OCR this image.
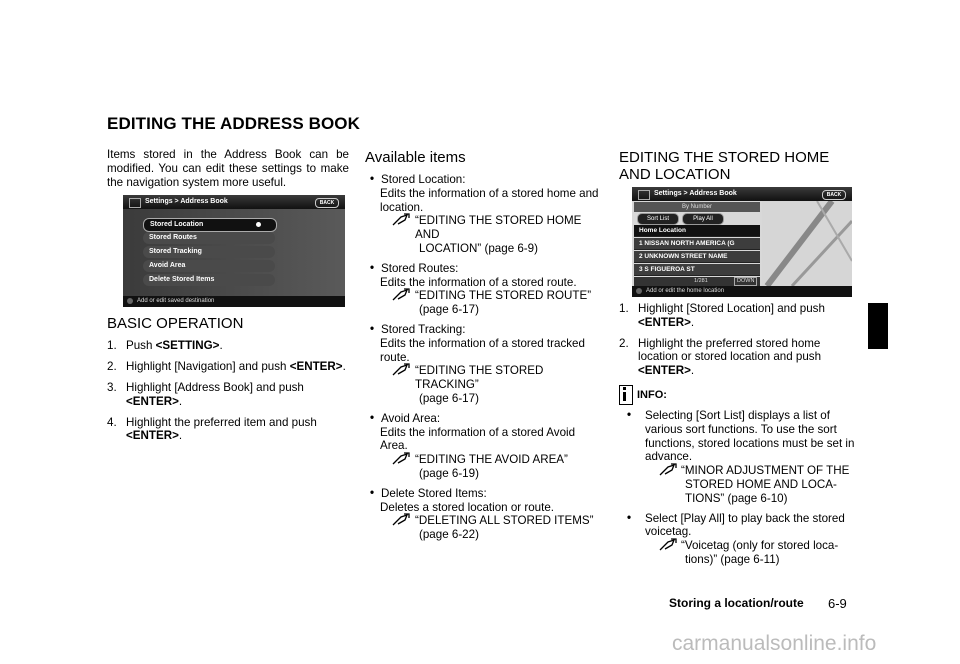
EDITING THE ADDRESS BOOK

Items stored in the Address Book can be modified. You can edit these settings to make the navigation system more useful.

Settings > Address Book	BACK
Stored Location
Stored Routes
Stored Tracking
Avoid Area
Delete Stored Items
Add or edit saved destination
BASIC OPERATION
1. Push <SETTING>.
2. Highlight [Navigation] and push <ENTER>.
3. Highlight [Address Book] and push <ENTER>.
4. Highlight the preferred item and push <ENTER>.
Available items
• Stored Location:
Edits the information of a stored home and location.
“EDITING THE STORED HOME AND
LOCATION” (page 6-9)
• Stored Routes:
Edits the information of a stored route.
“EDITING THE STORED ROUTE”
(page 6-17)
• Stored Tracking:
Edits the information of a stored tracked route.
“EDITING THE STORED TRACKING”
(page 6-17)
• Avoid Area:
Edits the information of a stored Avoid Area.
“EDITING THE AVOID AREA”
(page 6-19)
• Delete Stored Items:
Deletes a stored location or route.
“DELETING ALL STORED ITEMS”
(page 6-22)
EDITING THE STORED HOME AND LOCATION
Settings > Address Book	BACK
By Number
Sort List	Play All
Home Location
1 NISSAN NORTH AMERICA (G
2 UNKNOWN STREET NAME
3 S FIGUEROA ST
1/281	DOWN
Add or edit the home location
1. Highlight [Stored Location] and push <ENTER>.
2. Highlight the preferred stored home location or stored location and push <ENTER>.
INFO:
• Selecting [Sort List] displays a list of various sort functions. To use the sort functions, stored locations must be set in advance.
“MINOR ADJUSTMENT OF THE
STORED HOME AND LOCA-
TIONS” (page 6-10)
• Select [Play All] to play back the stored voicetag.
“Voicetag (only for stored loca-
tions)” (page 6-11)
Storing a location/route 6-9
carmanualsonline.info
